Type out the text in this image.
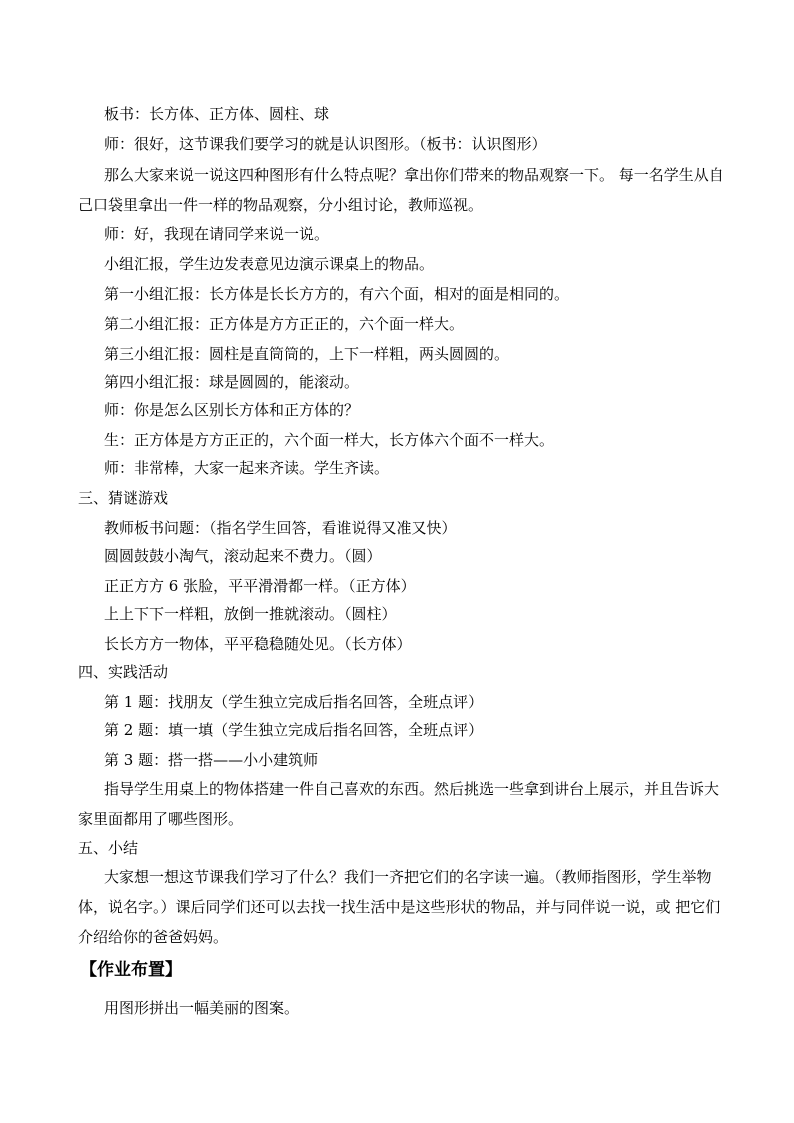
板书：长方体、正方体、圆柱、球
师：很好，这节课我们要学习的就是认识图形。（板书：认识图形）
那么大家来说一说这四种图形有什么特点呢？拿出你们带来的物品观察一下。 每一名学生从自己口袋里拿出一件一样的物品观察，分小组讨论，教师巡视。
师：好，我现在请同学来说一说。
小组汇报，学生边发表意见边演示课桌上的物品。
第一小组汇报：长方体是长长方方的，有六个面，相对的面是相同的。
第二小组汇报：正方体是方方正正的，六个面一样大。
第三小组汇报：圆柱是直筒筒的，上下一样粗，两头圆圆的。
第四小组汇报：球是圆圆的，能滚动。
师：你是怎么区别长方体和正方体的？
生：正方体是方方正正的，六个面一样大，长方体六个面不一样大。
师：非常棒，大家一起来齐读。学生齐读。
三、猜谜游戏
教师板书问题：（指名学生回答，看谁说得又准又快）
圆圆鼓鼓小淘气，滚动起来不费力。（圆）
正正方方 6 张脸，平平滑滑都一样。（正方体）
上上下下一样粗，放倒一推就滚动。（圆柱）
长长方方一物体，平平稳稳随处见。（长方体）
四、实践活动
第 1 题：找朋友（学生独立完成后指名回答，全班点评）
第 2 题：填一填（学生独立完成后指名回答，全班点评）
第 3 题：搭一搭——小小建筑师
指导学生用桌上的物体搭建一件自己喜欢的东西。然后挑选一些拿到讲台上展示，并且告诉大家里面都用了哪些图形。
五、小结
大家想一想这节课我们学习了什么？我们一齐把它们的名字读一遍。（教师指图形，学生举物体，说名字。）课后同学们还可以去找一找生活中是这些形状的物品，并与同伴说一说，或 把它们介绍给你的爸爸妈妈。
【作业布置】
用图形拼出一幅美丽的图案。
